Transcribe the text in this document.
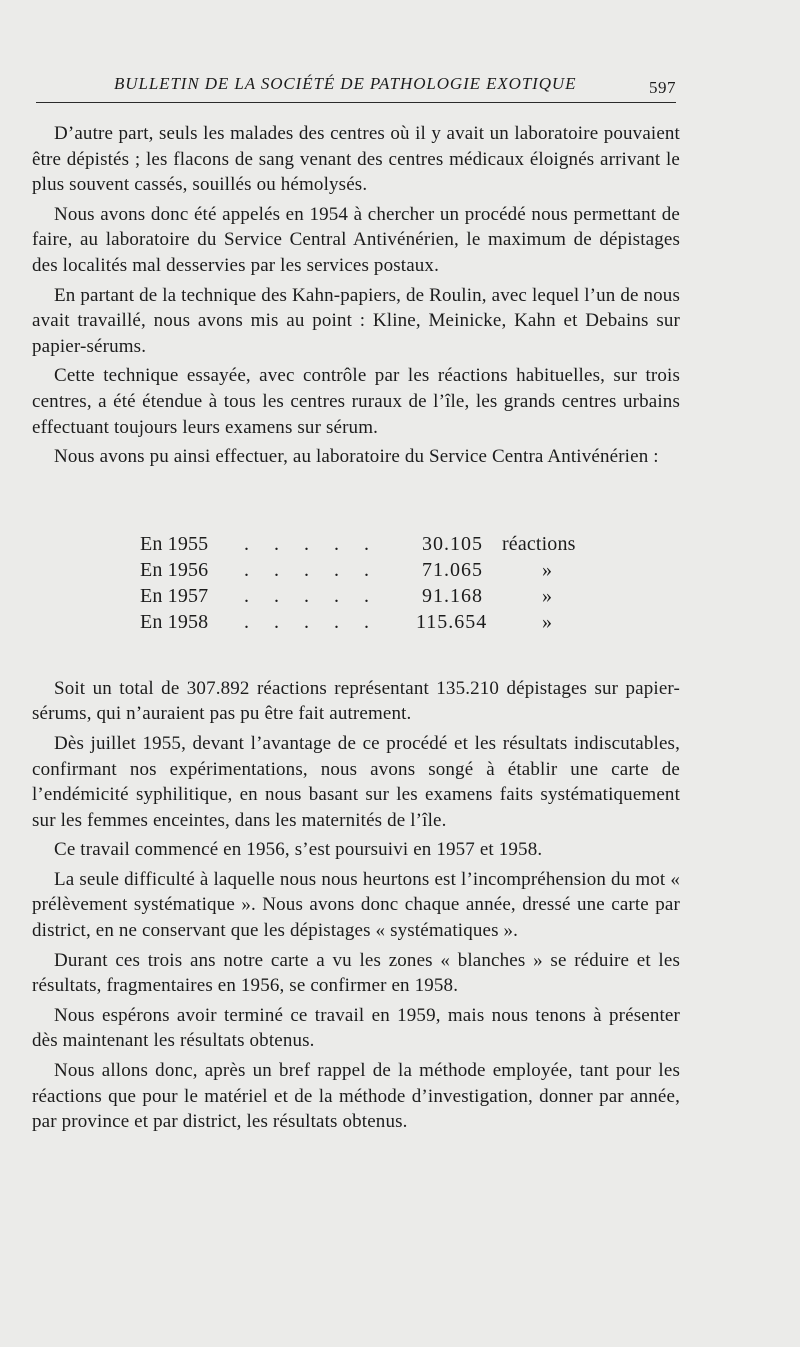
BULLETIN DE LA SOCIÉTÉ DE PATHOLOGIE EXOTIQUE	597

D’autre part, seuls les malades des centres où il y avait un laboratoire pouvaient être dépistés ; les flacons de sang venant des centres médicaux éloignés arrivant le plus souvent cassés, souillés ou hémolysés.

Nous avons donc été appelés en 1954 à chercher un procédé nous permettant de faire, au laboratoire du Service Central Antivénérien, le maximum de dépistages des localités mal desservies par les services postaux.

En partant de la technique des Kahn-papiers, de Roulin, avec lequel l’un de nous avait travaillé, nous avons mis au point : Kline, Meinicke, Kahn et Debains sur papier-sérums.

Cette technique essayée, avec contrôle par les réactions habituelles, sur trois centres, a été étendue à tous les centres ruraux de l’île, les grands centres urbains effectuant toujours leurs examens sur sérum.

Nous avons pu ainsi effectuer, au laboratoire du Service Centra Antivénérien :

En 1955 . . . . . 30.105 réactions
En 1956 . . . . . 71.065	»
En 1957 . . . . . 91.168	»
En 1958 . . . . . 115.654	»

Soit un total de 307.892 réactions représentant 135.210 dépistages sur papier-sérums, qui n’auraient pas pu être fait autrement.

Dès juillet 1955, devant l’avantage de ce procédé et les résultats indiscutables, confirmant nos expérimentations, nous avons songé à établir une carte de l’endémicité syphilitique, en nous basant sur les examens faits systématiquement sur les femmes enceintes, dans les maternités de l’île.

Ce travail commencé en 1956, s’est poursuivi en 1957 et 1958.

La seule difficulté à laquelle nous nous heurtons est l’incompréhension du mot « prélèvement systématique ». Nous avons donc chaque année, dressé une carte par district, en ne conservant que les dépistages « systématiques ».

Durant ces trois ans notre carte a vu les zones « blanches » se réduire et les résultats, fragmentaires en 1956, se confirmer en 1958.

Nous espérons avoir terminé ce travail en 1959, mais nous tenons à présenter dès maintenant les résultats obtenus.

Nous allons donc, après un bref rappel de la méthode employée, tant pour les réactions que pour le matériel et de la méthode d’investigation, donner par année, par province et par district, les résultats obtenus.
